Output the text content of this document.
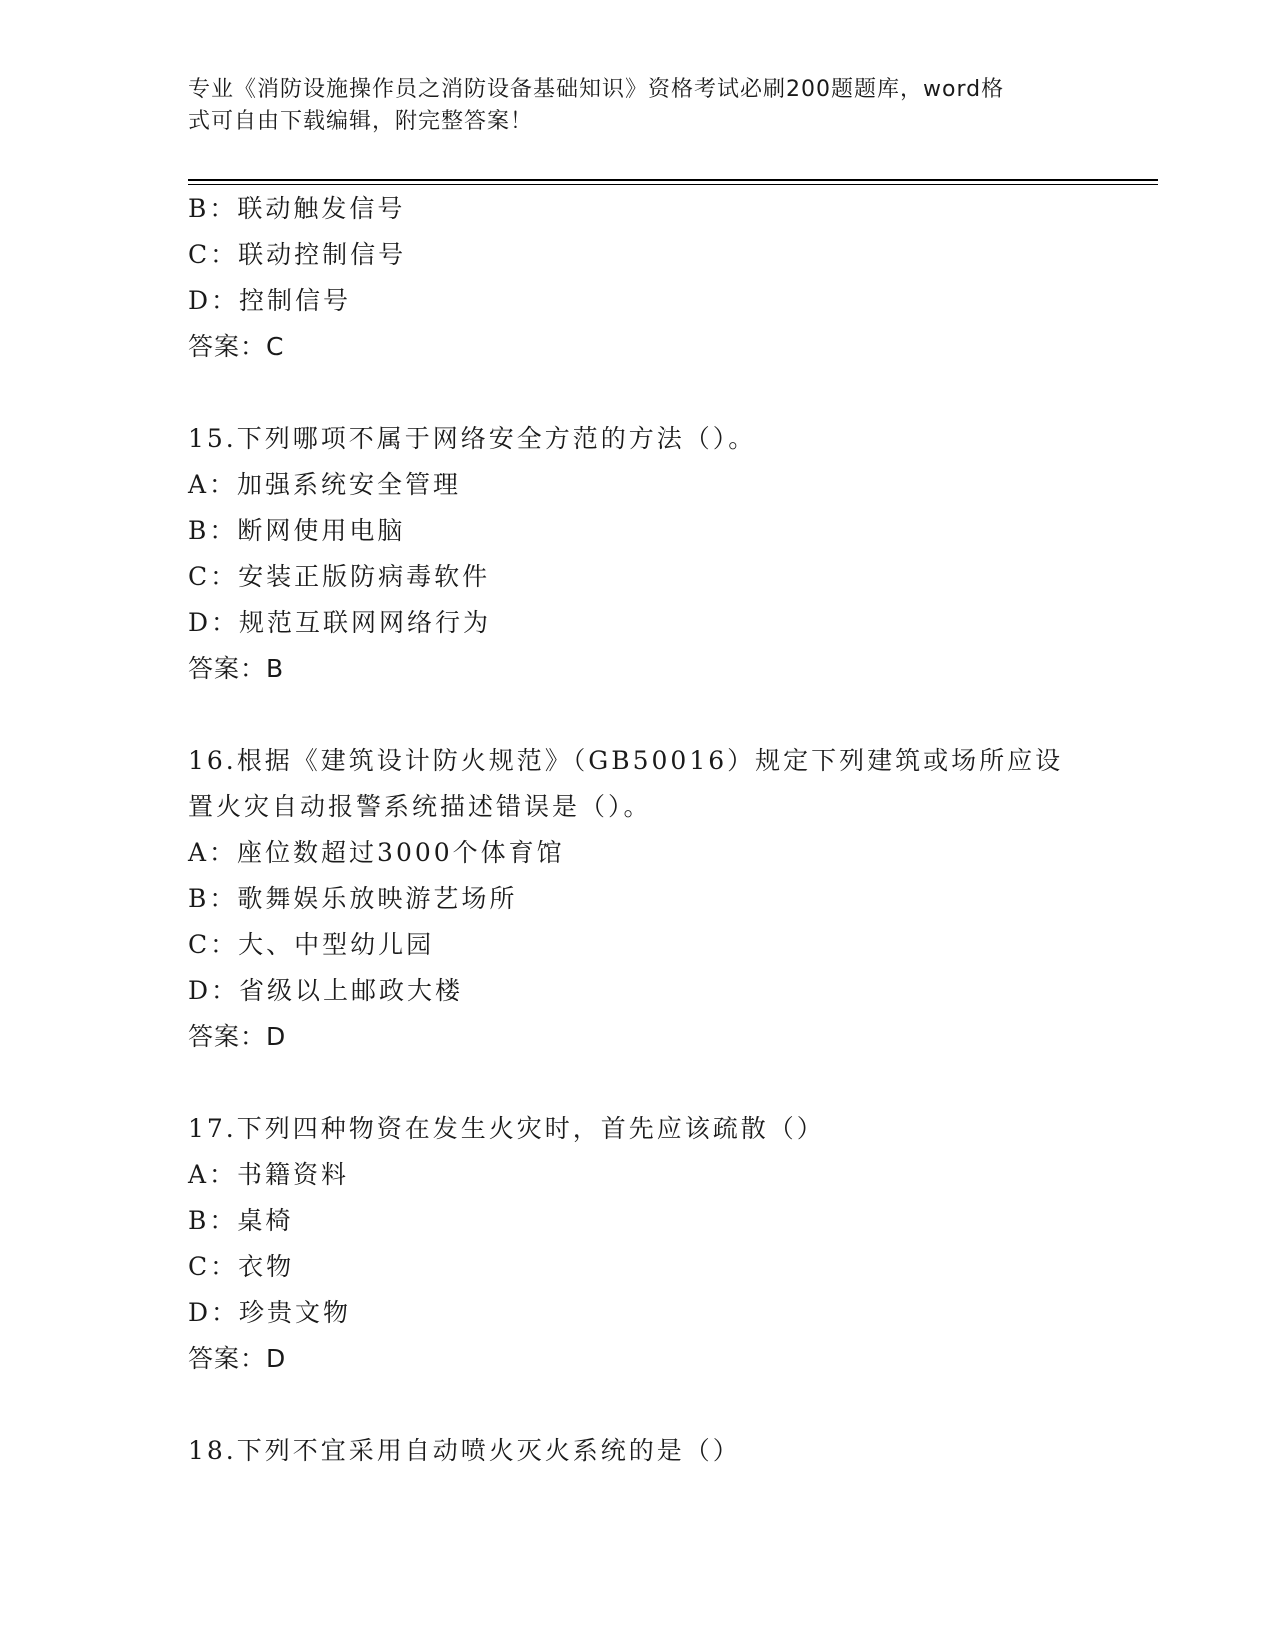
专业《消防设施操作员之消防设备基础知识》资格考试必刷200题题库，word格
式可自由下载编辑，附完整答案！
B：联动触发信号
C：联动控制信号
D：控制信号
答案：C
15.下列哪项不属于网络安全方范的方法（）。
A：加强系统安全管理
B：断网使用电脑
C：安装正版防病毒软件
D：规范互联网网络行为
答案：B
16.根据《建筑设计防火规范》（GB50016）规定下列建筑或场所应设
置火灾自动报警系统描述错误是（）。
A：座位数超过3000个体育馆
B：歌舞娱乐放映游艺场所
C：大、中型幼儿园
D：省级以上邮政大楼
答案：D
17.下列四种物资在发生火灾时，首先应该疏散（）
A：书籍资料
B：桌椅
C：衣物
D：珍贵文物
答案：D
18.下列不宜采用自动喷火灭火系统的是（）
